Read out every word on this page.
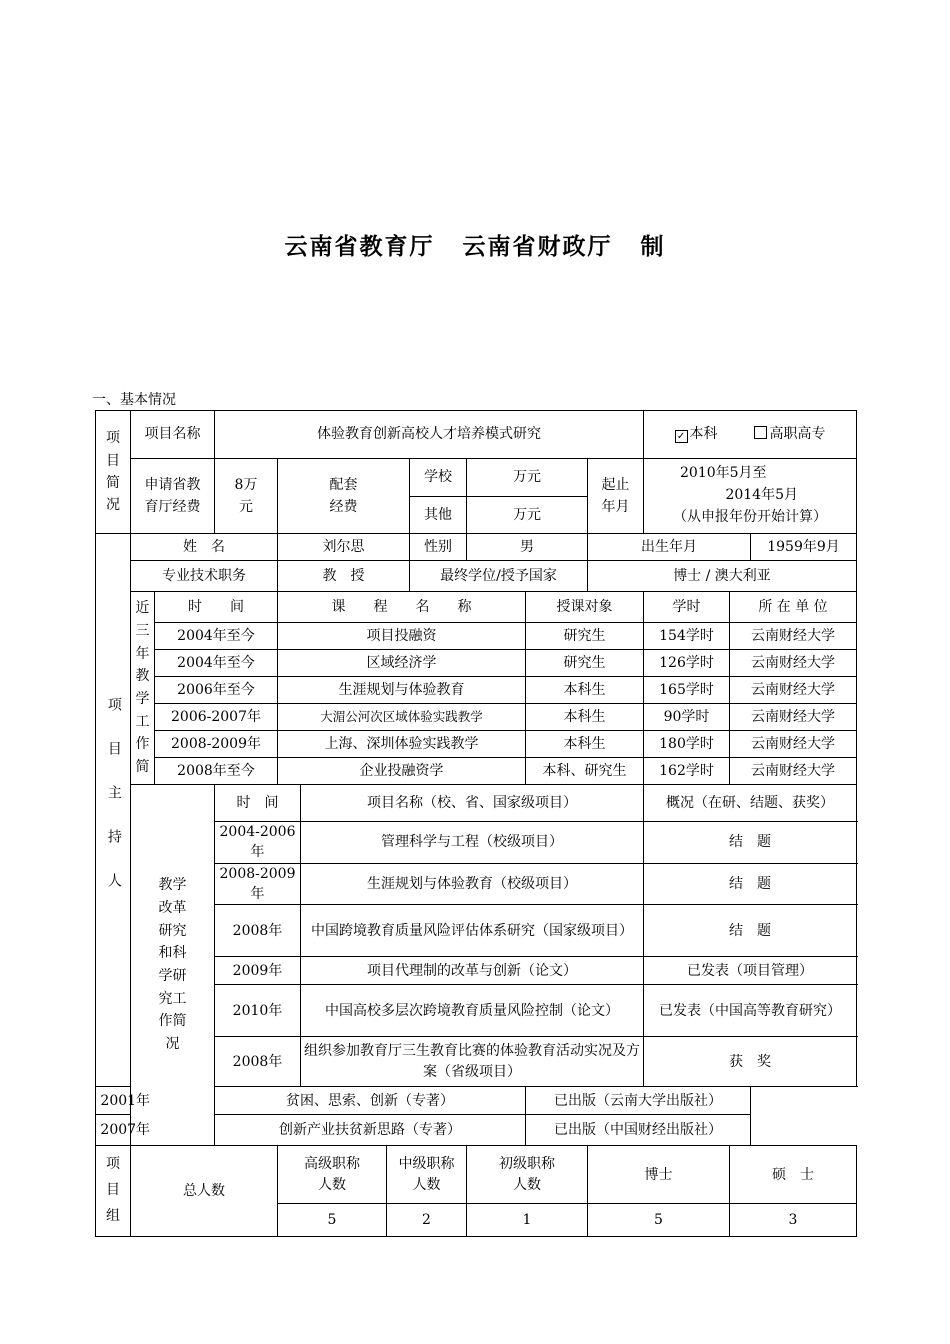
云南省教育厅 云南省财政厅 制
一、基本情况
项目简况	项目名称		体验教育创新高校人才培养模式研究								✓ 本科 高职高专			

	申请省教育厅经费		8万元	配套经费			学校	万元		起止年月	2010年5月至
2014年5月
（从申报年份开始计算）			

							其他	万元						
项目主持人	姓　名			刘尔思			性别	男		出生年月			1959年9月	
	专业技术职务			教　授			最终学位/授予国家			博士 / 澳大利亚				

	近三年教学工作简	时　　间		课　　程　　名　　称					授课对象		学时	所 在 单 位		
		2004年至今		项目投融资					研究生		154学时	云南财经大学		
		2004年至今		区域经济学					研究生		126学时	云南财经大学		
		2006年至今		生涯规划与体验教育					本科生		165学时	云南财经大学		
		2006-2007年		大湄公河次区域体验实践教学					本科生		90学时	云南财经大学		
		2008-2009年		上海、深圳体验实践教学					本科生		180学时	云南财经大学		
		2008年至今		企业投融资学					本科、研究生		162学时	云南财经大学		

	教学改革研究和科学研究工作简况		时　间		项目名称（校、省、国家级项目）						概况（在研、结题、获奖）			
			2004-2006年		管理科学与工程（校级项目）						结　题			
			2008-2009年		生涯规划与体验教育（校级项目）						结　题			
			2008年		中国跨境教育质量风险评估体系研究（国家级项目）						结　题			
			2009年		项目代理制的改革与创新（论文）						已发表（项目管理）			
			2010年		中国高校多层次跨境教育质量风险控制（论文）						已发表（中国高等教育研究）			
			2008年		组织参加教育厅三生教育比赛的体验教育活动实况及方案（省级项目）						获　奖			
2001年			贫困、思索、创新（专著）						已出版（云南大学出版社）					
2007年			创新产业扶贫新思路（专著）						已出版（中国财经出版社）					

项目组	总人数			高级职称人数		中级职称人数		初级职称人数		博士		硕　士	
				5		2		1		5		3	
